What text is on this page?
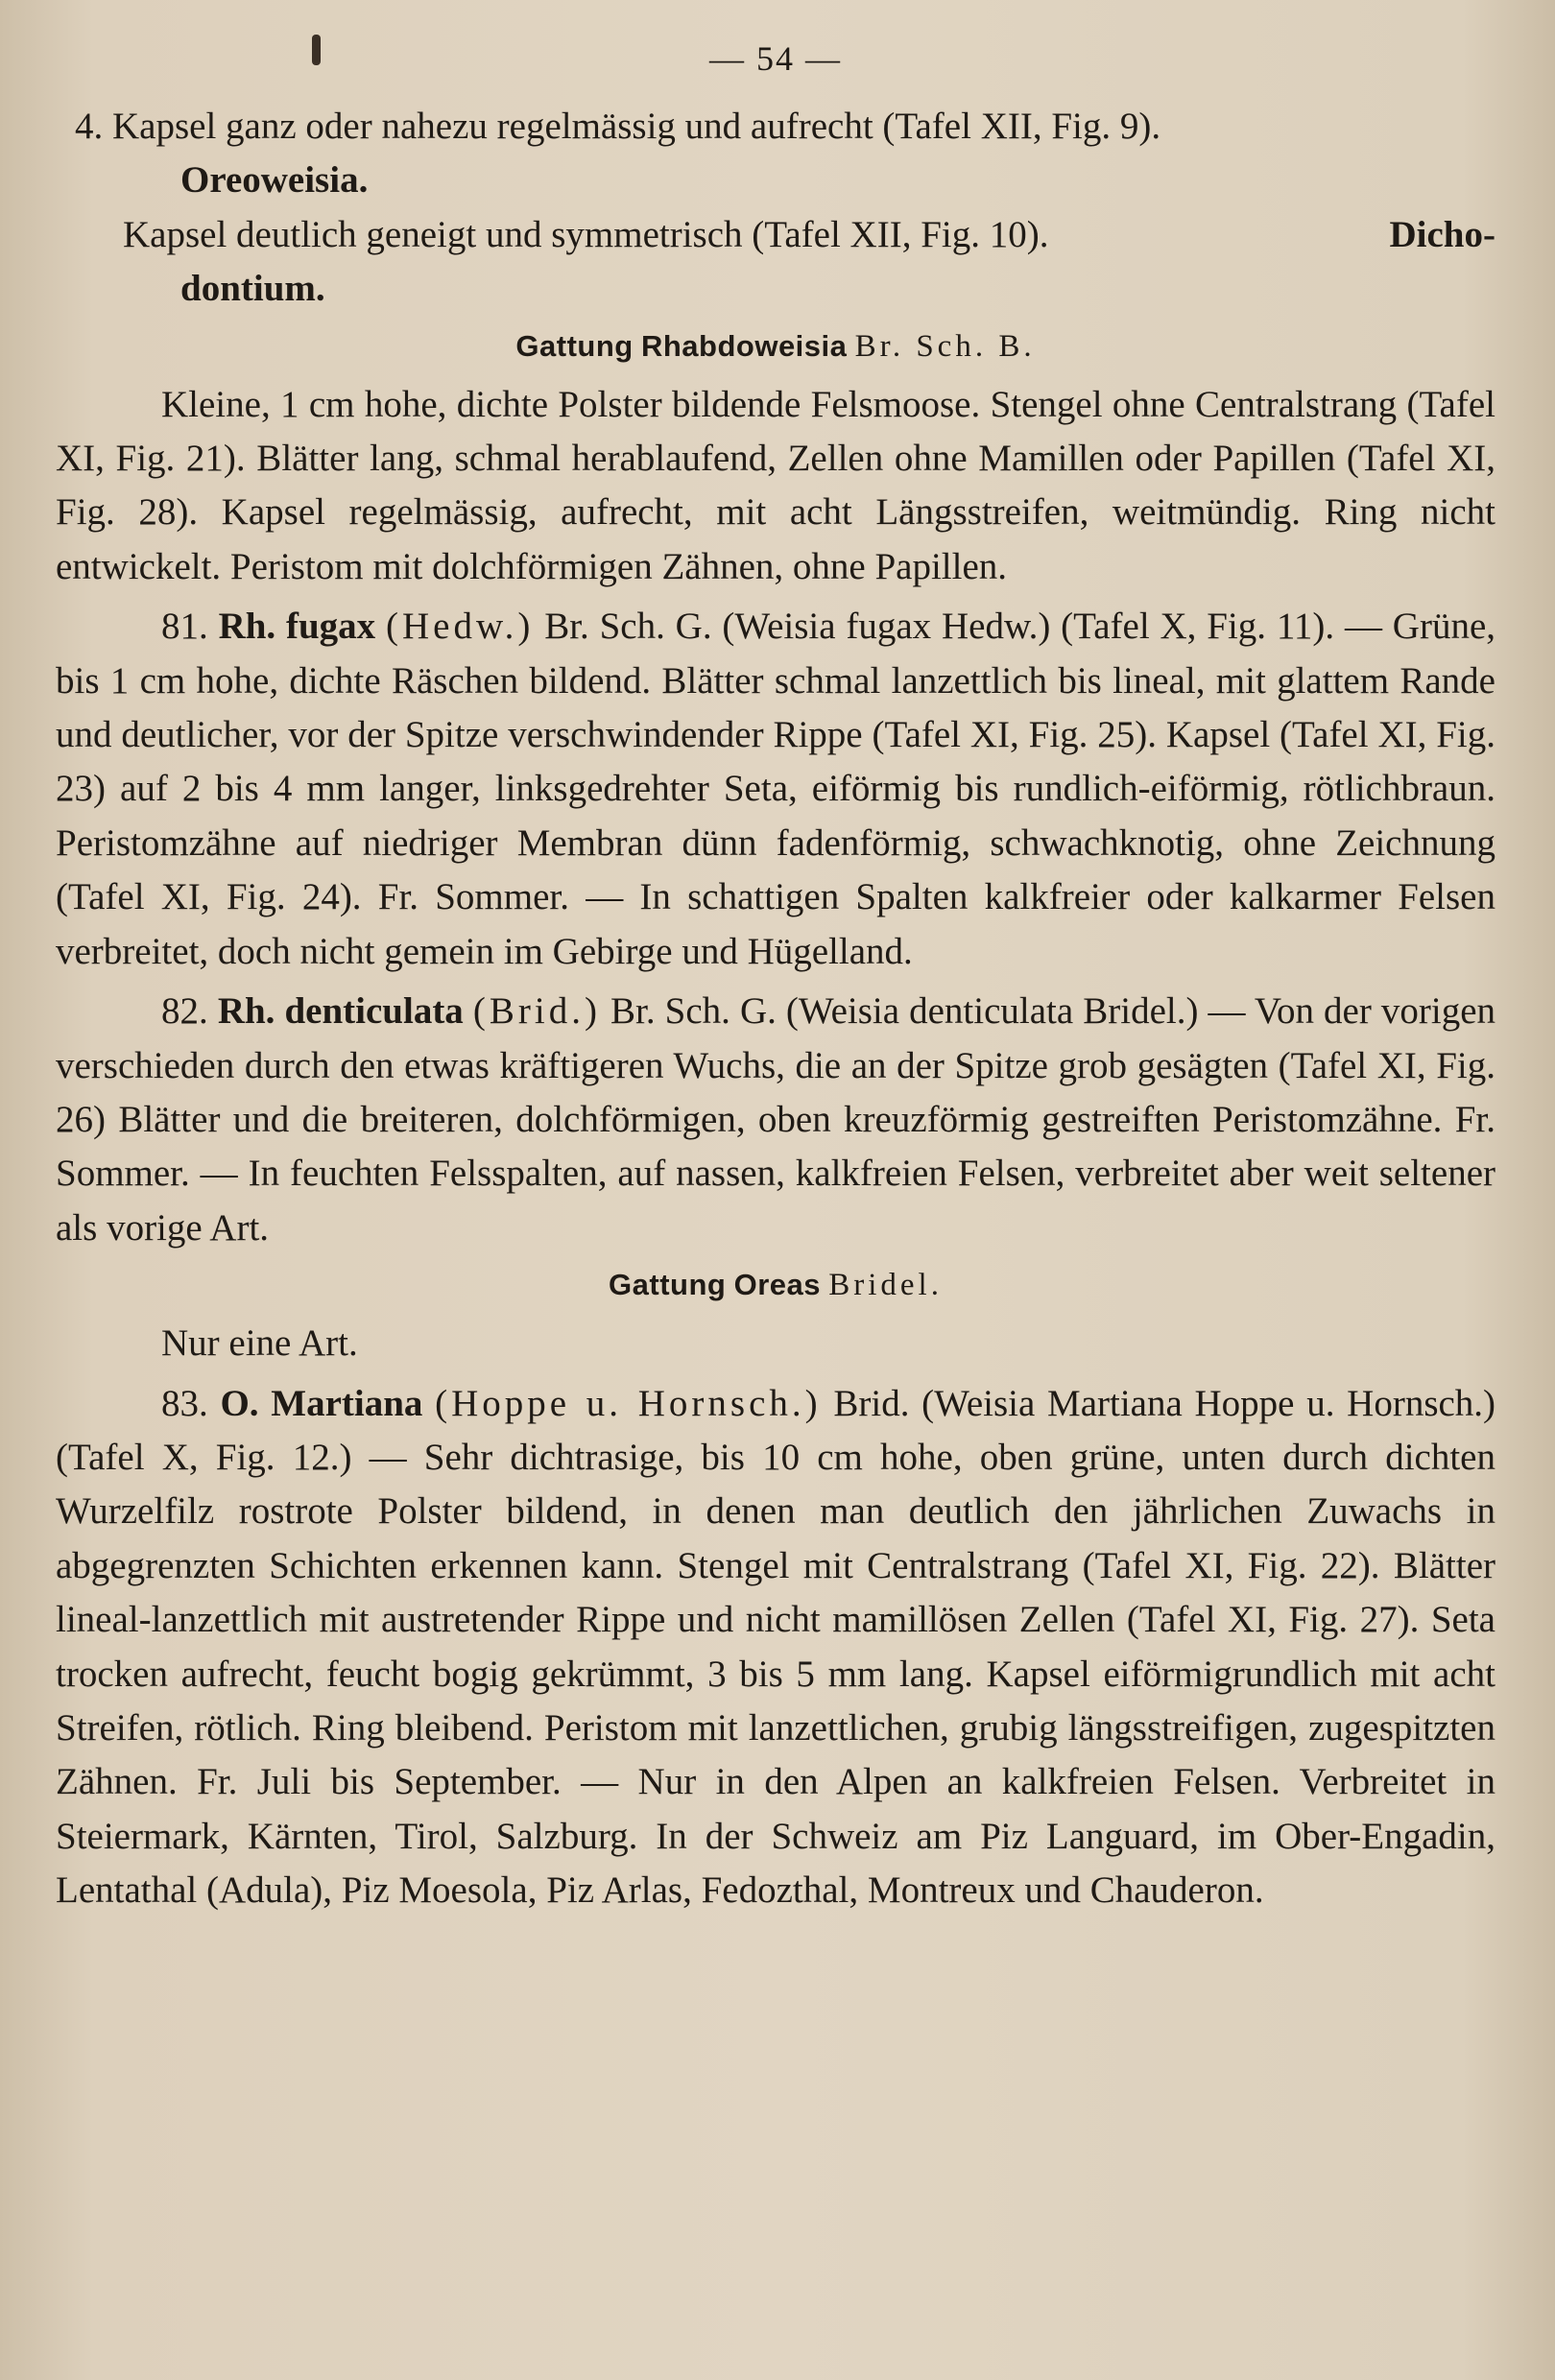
— 54 —

4. Kapsel ganz oder nahezu regelmässig und aufrecht (Tafel XII, Fig. 9).
Oreoweisia.

Kapsel deutlich geneigt und symmetrisch (Tafel XII, Fig. 10).	Dicho-

dontium.

Gattung Rhabdoweisia Br. Sch. B.

Kleine, 1 cm hohe, dichte Polster bildende Felsmoose. Stengel ohne Centralstrang (Tafel XI, Fig. 21). Blätter lang, schmal herablaufend, Zellen ohne Mamillen oder Papillen (Tafel XI, Fig. 28). Kapsel regelmässig, aufrecht, mit acht Längsstreifen, weitmündig. Ring nicht entwickelt. Peristom mit dolchförmigen Zähnen, ohne Papillen.

81. Rh. fugax (Hedw.) Br. Sch. G. (Weisia fugax Hedw.) (Tafel X, Fig. 11). — Grüne, bis 1 cm hohe, dichte Räschen bildend. Blätter schmal lanzettlich bis lineal, mit glattem Rande und deutlicher, vor der Spitze verschwindender Rippe (Tafel XI, Fig. 25). Kapsel (Tafel XI, Fig. 23) auf 2 bis 4 mm langer, linksgedrehter Seta, eiförmig bis rundlich-eiförmig, rötlichbraun. Peristomzähne auf niedriger Membran dünn fadenförmig, schwachknotig, ohne Zeichnung (Tafel XI, Fig. 24). Fr. Sommer. — In schattigen Spalten kalkfreier oder kalkarmer Felsen verbreitet, doch nicht gemein im Gebirge und Hügelland.

82. Rh. denticulata (Brid.) Br. Sch. G. (Weisia denticulata Bridel.) — Von der vorigen verschieden durch den etwas kräftigeren Wuchs, die an der Spitze grob gesägten (Tafel XI, Fig. 26) Blätter und die breiteren, dolchförmigen, oben kreuzförmig gestreiften Peristomzähne. Fr. Sommer. — In feuchten Felsspalten, auf nassen, kalkfreien Felsen, verbreitet aber weit seltener als vorige Art.

Gattung Oreas Bridel.

Nur eine Art.

83. O. Martiana (Hoppe u. Hornsch.) Brid. (Weisia Martiana Hoppe u. Hornsch.) (Tafel X, Fig. 12.) — Sehr dichtrasige, bis 10 cm hohe, oben grüne, unten durch dichten Wurzelfilz rostrote Polster bildend, in denen man deutlich den jährlichen Zuwachs in abgegrenzten Schichten erkennen kann. Stengel mit Centralstrang (Tafel XI, Fig. 22). Blätter lineal-lanzettlich mit austretender Rippe und nicht mamillösen Zellen (Tafel XI, Fig. 27). Seta trocken aufrecht, feucht bogig gekrümmt, 3 bis 5 mm lang. Kapsel eiförmigrundlich mit acht Streifen, rötlich. Ring bleibend. Peristom mit lanzettlichen, grubig längsstreifigen, zugespitzten Zähnen. Fr. Juli bis September. — Nur in den Alpen an kalkfreien Felsen. Verbreitet in Steiermark, Kärnten, Tirol, Salzburg. In der Schweiz am Piz Languard, im Ober-Engadin, Lentathal (Adula), Piz Moesola, Piz Arlas, Fedozthal, Montreux und Chauderon.
